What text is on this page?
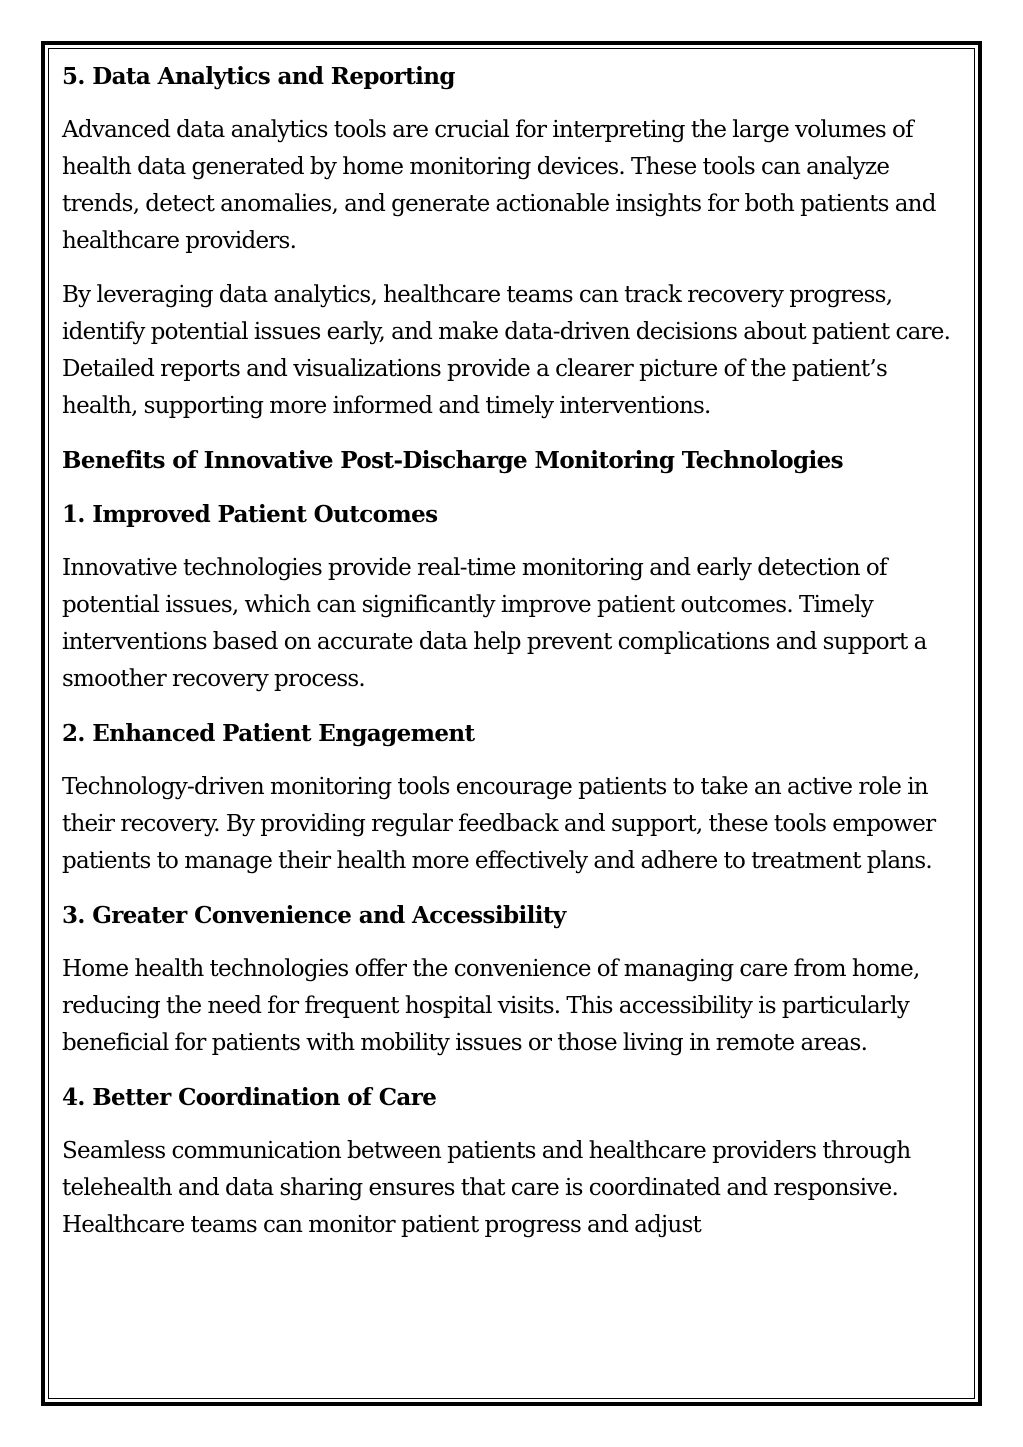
5. Data Analytics and Reporting

Advanced data analytics tools are crucial for interpreting the large volumes of health data generated by home monitoring devices. These tools can analyze trends, detect anomalies, and generate actionable insights for both patients and healthcare providers.

By leveraging data analytics, healthcare teams can track recovery progress, identify potential issues early, and make data-driven decisions about patient care. Detailed reports and visualizations provide a clearer picture of the patient’s health, supporting more informed and timely interventions.

Benefits of Innovative Post-Discharge Monitoring Technologies
1. Improved Patient Outcomes

Innovative technologies provide real-time monitoring and early detection of potential issues, which can significantly improve patient outcomes. Timely interventions based on accurate data help prevent complications and support a smoother recovery process.

2. Enhanced Patient Engagement

Technology-driven monitoring tools encourage patients to take an active role in their recovery. By providing regular feedback and support, these tools empower patients to manage their health more effectively and adhere to treatment plans.

3. Greater Convenience and Accessibility

Home health technologies offer the convenience of managing care from home, reducing the need for frequent hospital visits. This accessibility is particularly beneficial for patients with mobility issues or those living in remote areas.

4. Better Coordination of Care

Seamless communication between patients and healthcare providers through telehealth and data sharing ensures that care is coordinated and responsive. Healthcare teams can monitor patient progress and adjust
